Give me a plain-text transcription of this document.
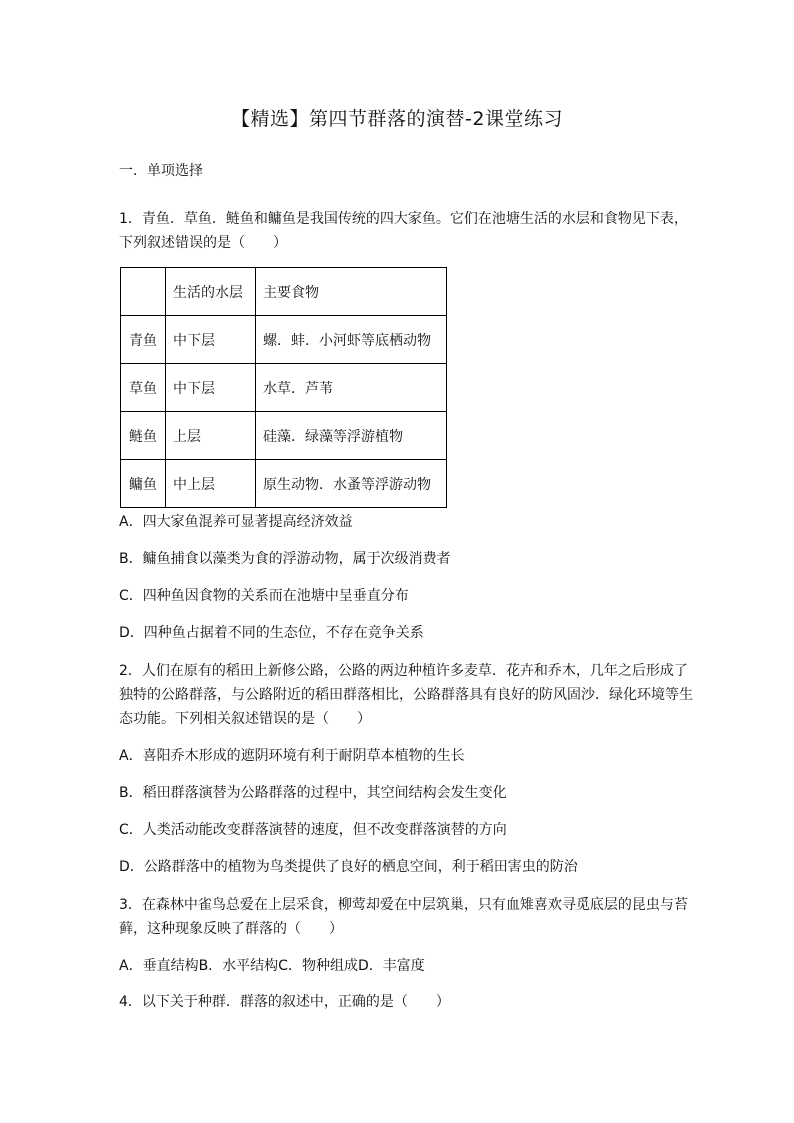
【精选】第四节群落的演替-2课堂练习
一．单项选择
1．青鱼．草鱼．鲢鱼和鳙鱼是我国传统的四大家鱼。它们在池塘生活的水层和食物见下表，下列叙述错误的是（　　）
	生活的水层	主要食物
青鱼	中下层	螺．蚌．小河虾等底栖动物
草鱼	中下层	水草．芦苇
鲢鱼	上层	硅藻．绿藻等浮游植物
鳙鱼	中上层	原生动物．水蚤等浮游动物
A．四大家鱼混养可显著提高经济效益
B．鳙鱼捕食以藻类为食的浮游动物，属于次级消费者
C．四种鱼因食物的关系而在池塘中呈垂直分布
D．四种鱼占据着不同的生态位，不存在竞争关系
2．人们在原有的稻田上新修公路，公路的两边种植许多麦草．花卉和乔木，几年之后形成了独特的公路群落，与公路附近的稻田群落相比，公路群落具有良好的防风固沙．绿化环境等生态功能。下列相关叙述错误的是（　　）
A．喜阳乔木形成的遮阴环境有利于耐阴草本植物的生长
B．稻田群落演替为公路群落的过程中，其空间结构会发生变化
C．人类活动能改变群落演替的速度，但不改变群落演替的方向
D．公路群落中的植物为鸟类提供了良好的栖息空间，利于稻田害虫的防治
3．在森林中雀鸟总爱在上层采食，柳莺却爱在中层筑巢，只有血雉喜欢寻觅底层的昆虫与苔藓，这种现象反映了群落的（　　）
A．垂直结构B．水平结构C．物种组成D．丰富度
4．以下关于种群．群落的叙述中，正确的是（　　）
